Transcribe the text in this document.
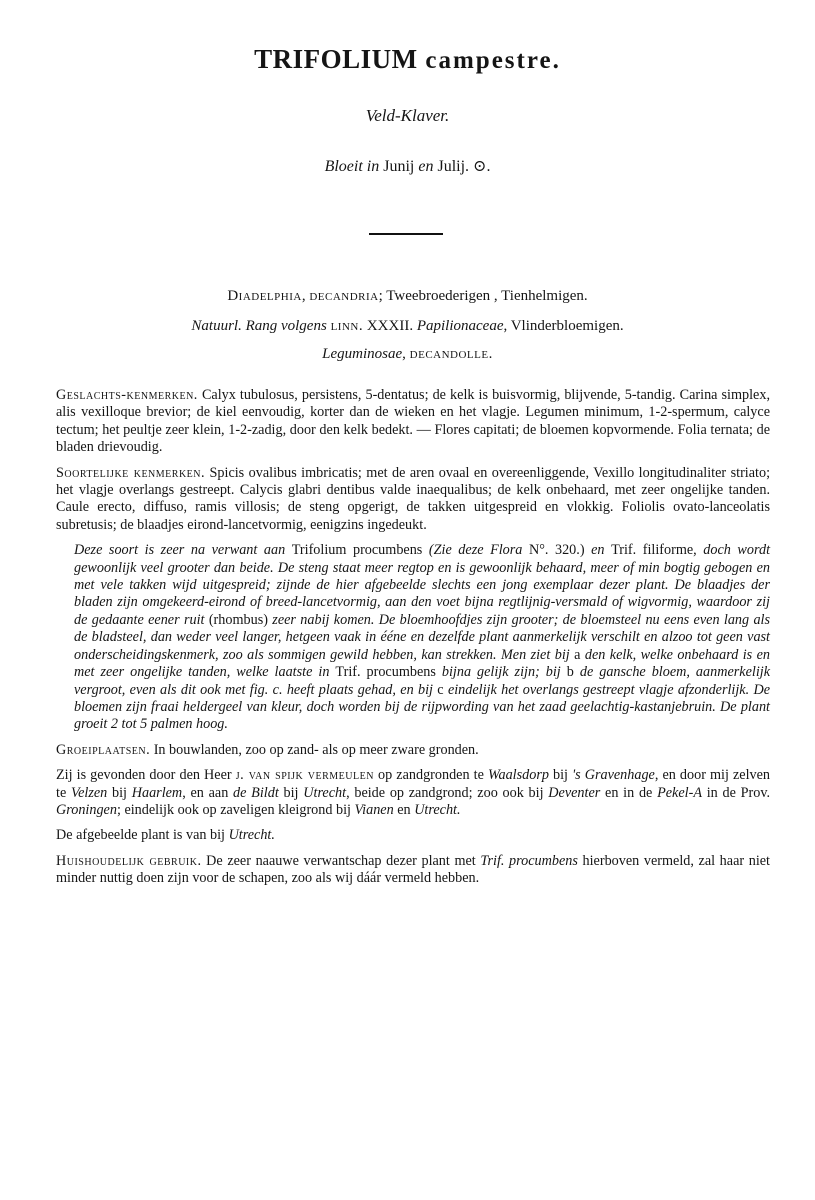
TRIFOLIUM campestre.
Veld-Klaver.
Bloeit in Junij en Julij. ⊙.
Diadelphia, decandria; Tweebroederigen , Tienhelmigen.
Natuurl. Rang volgens linn. XXXII. Papilionaceae, Vlinderbloemigen.
Leguminosae, decandolle.

Geslachts-kenmerken. Calyx tubulosus, persistens, 5-dentatus; de kelk is buisvormig, blijvende, 5-tandig. Carina simplex, alis vexilloque brevior; de kiel eenvoudig, korter dan de wieken en het vlagje. Legumen minimum, 1-2-spermum, calyce tectum; het peultje zeer klein, 1-2-zadig, door den kelk bedekt. — Flores capitati; de bloemen kopvormende. Folia ternata; de bladen drievoudig.

Soortelijke kenmerken. Spicis ovalibus imbricatis; met de aren ovaal en overeenliggende, Vexillo longitudinaliter striato; het vlagje overlangs gestreept. Calycis glabri dentibus valde inaequalibus; de kelk onbehaard, met zeer ongelijke tanden. Caule erecto, diffuso, ramis villosis; de steng opgerigt, de takken uitgespreid en vlokkig. Foliolis ovato-lanceolatis subretusis; de blaadjes eirond-lancetvormig, eenigzins ingedeukt.

Deze soort is zeer na verwant aan Trifolium procumbens (Zie deze Flora N°. 320.) en Trif. filiforme, doch wordt gewoonlijk veel grooter dan beide. De steng staat meer regtop en is gewoonlijk behaard, meer of min bogtig gebogen en met vele takken wijd uitgespreid; zijnde de hier afgebeelde slechts een jong exemplaar dezer plant. De blaadjes der bladen zijn omgekeerd-eirond of breed-lancetvormig, aan den voet bijna regtlijnig-versmald of wigvormig, waardoor zij de gedaante eener ruit (rhombus) zeer nabij komen. De bloemhoofdjes zijn grooter; de bloemsteel nu eens even lang als de bladsteel, dan weder veel langer, hetgeen vaak in ééne en dezelfde plant aanmerkelijk verschilt en alzoo tot geen vast onderscheidingskenmerk, zoo als sommigen gewild hebben, kan strekken. Men ziet bij a den kelk, welke onbehaard is en met zeer ongelijke tanden, welke laatste in Trif. procumbens bijna gelijk zijn; bij b de gansche bloem, aanmerkelijk vergroot, even als dit ook met fig. c. heeft plaats gehad, en bij c eindelijk het overlangs gestreept vlagje afzonderlijk. De bloemen zijn fraai heldergeel van kleur, doch worden bij de rijpwording van het zaad geelachtig-kastanjebruin. De plant groeit 2 tot 5 palmen hoog.

Groeiplaatsen. In bouwlanden, zoo op zand- als op meer zware gronden.

Zij is gevonden door den Heer j. van spijk vermeulen op zandgronden te Waalsdorp bij 's Gravenhage, en door mij zelven te Velzen bij Haarlem, en aan de Bildt bij Utrecht, beide op zandgrond; zoo ook bij Deventer en in de Pekel-A in de Prov. Groningen; eindelijk ook op zaveligen kleigrond bij Vianen en Utrecht.

De afgebeelde plant is van bij Utrecht.

Huishoudelijk gebruik. De zeer naauwe verwantschap dezer plant met Trif. procumbens hierboven vermeld, zal haar niet minder nuttig doen zijn voor de schapen, zoo als wij dáár vermeld hebben.
